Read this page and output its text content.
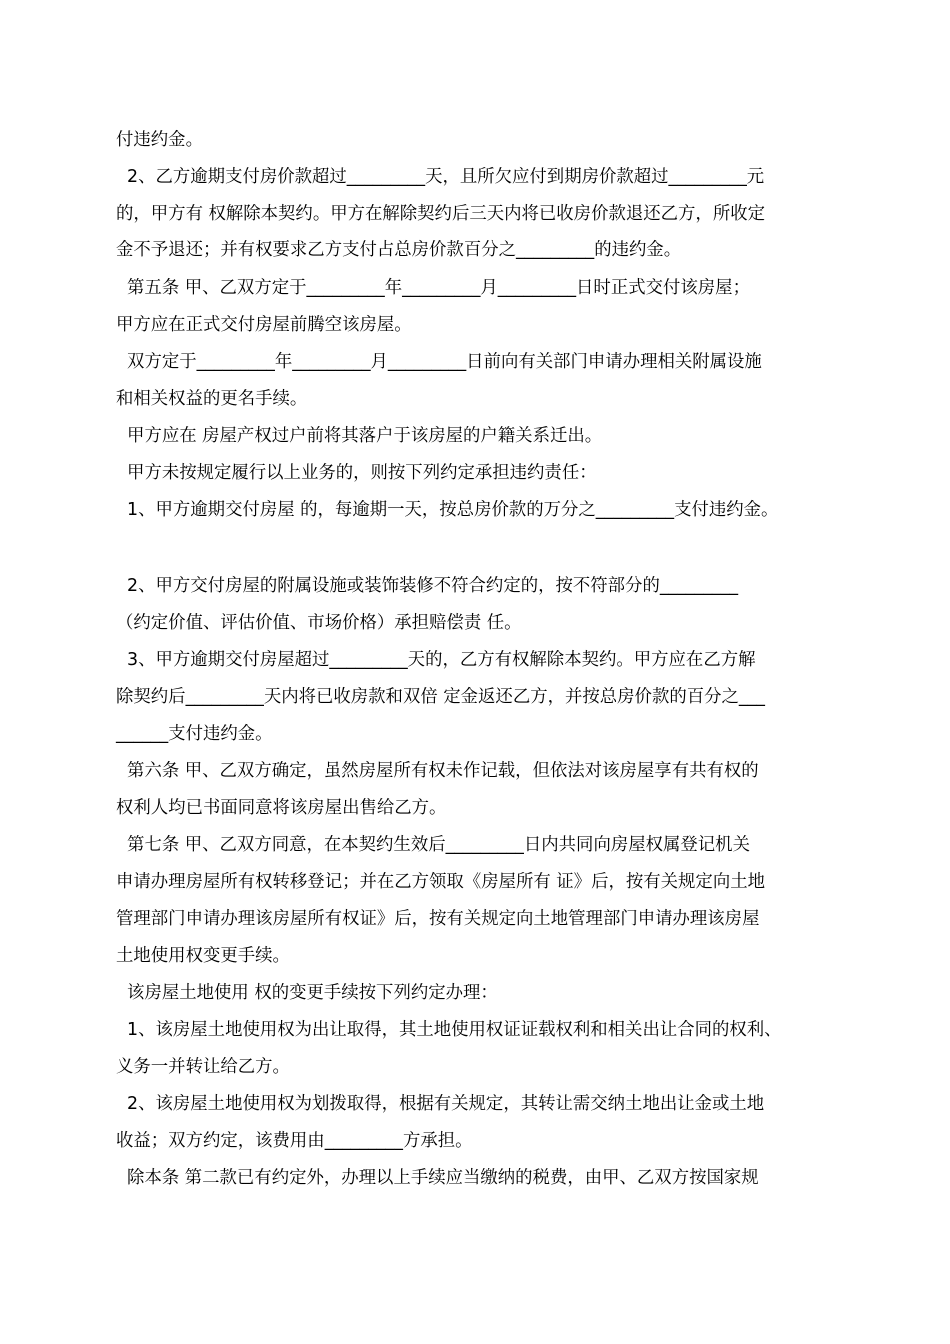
付违约金。

2、乙方逾期支付房价款超过_________天，且所欠应付到期房价款超过_________元

的，甲方有 权解除本契约。甲方在解除契约后三天内将已收房价款退还乙方，所收定

金不予退还；并有权要求乙方支付占总房价款百分之_________的违约金。

第五条 甲、乙双方定于_________年_________月_________日时正式交付该房屋；

甲方应在正式交付房屋前腾空该房屋。

双方定于_________年_________月_________日前向有关部门申请办理相关附属设施

和相关权益的更名手续。

甲方应在 房屋产权过户前将其落户于该房屋的户籍关系迁出。

甲方未按规定履行以上业务的，则按下列约定承担违约责任：

1、甲方逾期交付房屋 的，每逾期一天，按总房价款的万分之_________支付违约金。

2、甲方交付房屋的附属设施或装饰装修不符合约定的，按不符部分的_________

（约定价值、评估价值、市场价格）承担赔偿责 任。

3、甲方逾期交付房屋超过_________天的，乙方有权解除本契约。甲方应在乙方解

除契约后_________天内将已收房款和双倍 定金返还乙方，并按总房价款的百分之___

______支付违约金。

第六条 甲、乙双方确定，虽然房屋所有权未作记载，但依法对该房屋享有共有权的

权利人均已书面同意将该房屋出售给乙方。

第七条 甲、乙双方同意，在本契约生效后_________日内共同向房屋权属登记机关

申请办理房屋所有权转移登记；并在乙方领取《房屋所有 证》后，按有关规定向土地

管理部门申请办理该房屋所有权证》后，按有关规定向土地管理部门申请办理该房屋

土地使用权变更手续。

该房屋土地使用 权的变更手续按下列约定办理：

1、该房屋土地使用权为出让取得，其土地使用权证证载权利和相关出让合同的权利、

义务一并转让给乙方。

2、该房屋土地使用权为划拨取得，根据有关规定，其转让需交纳土地出让金或土地

收益；双方约定，该费用由_________方承担。

除本条 第二款已有约定外，办理以上手续应当缴纳的税费，由甲、乙双方按国家规
